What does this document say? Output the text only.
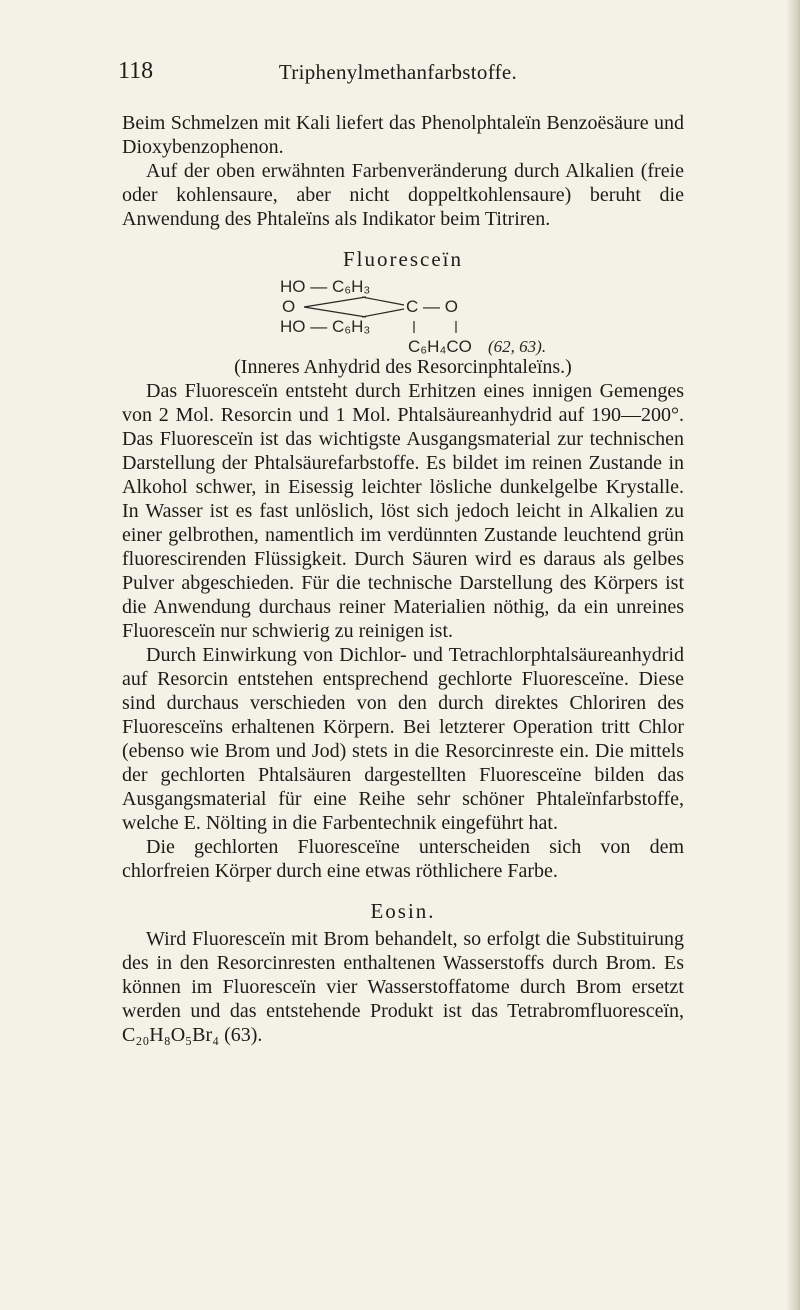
118	Triphenylmethanfarbstoffe.

Beim Schmelzen mit Kali liefert das Phenolphtaleïn Benzoësäure und Dioxybenzophenon.

Auf der oben erwähnten Farbenveränderung durch Alkalien (freie oder kohlensaure, aber nicht doppeltkohlensaure) beruht die Anwendung des Phtaleïns als Indikator beim Titriren.

Fluoresceïn
HO — C₆H₃
O	C — O
HO — C₆H₃
C₆H₄CO (62, 63).

(Inneres Anhydrid des Resorcinphtaleïns.)

Das Fluoresceïn entsteht durch Erhitzen eines innigen Gemenges von 2 Mol. Resorcin und 1 Mol. Phtalsäureanhydrid auf 190—200°. Das Fluoresceïn ist das wichtigste Ausgangsmaterial zur technischen Darstellung der Phtalsäurefarbstoffe. Es bildet im reinen Zustande in Alkohol schwer, in Eisessig leichter lösliche dunkelgelbe Krystalle. In Wasser ist es fast unlöslich, löst sich jedoch leicht in Alkalien zu einer gelbrothen, namentlich im verdünnten Zustande leuchtend grün fluorescirenden Flüssigkeit. Durch Säuren wird es daraus als gelbes Pulver abgeschieden. Für die technische Darstellung des Körpers ist die Anwendung durchaus reiner Materialien nöthig, da ein unreines Fluoresceïn nur schwierig zu reinigen ist.

Durch Einwirkung von Dichlor- und Tetrachlorphtalsäureanhydrid auf Resorcin entstehen entsprechend gechlorte Fluoresceïne. Diese sind durchaus verschieden von den durch direktes Chloriren des Fluoresceïns erhaltenen Körpern. Bei letzterer Operation tritt Chlor (ebenso wie Brom und Jod) stets in die Resorcinreste ein. Die mittels der gechlorten Phtalsäuren dargestellten Fluoresceïne bilden das Ausgangsmaterial für eine Reihe sehr schöner Phtaleïnfarbstoffe, welche E. Nölting in die Farbentechnik eingeführt hat.

Die gechlorten Fluoresceïne unterscheiden sich von dem chlorfreien Körper durch eine etwas röthlichere Farbe.

Eosin.

Wird Fluoresceïn mit Brom behandelt, so erfolgt die Substituirung des in den Resorcinresten enthaltenen Wasserstoffs durch Brom. Es können im Fluoresceïn vier Wasserstoffatome durch Brom ersetzt werden und das entstehende Produkt ist das Tetrabromfluoresceïn, C₂₀H₈O₅Br₄ (63).
